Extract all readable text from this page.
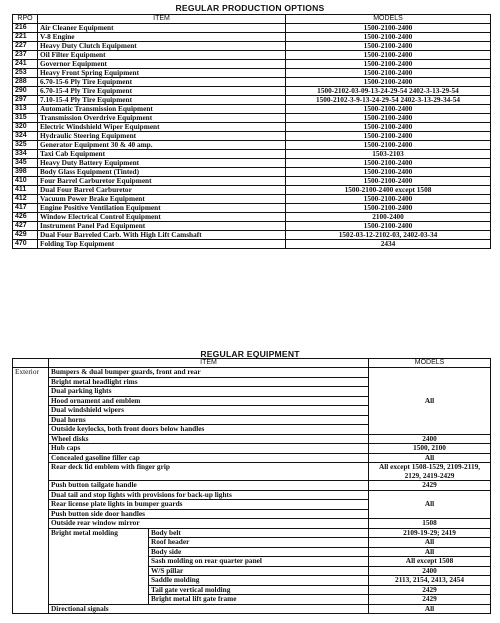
REGULAR PRODUCTION OPTIONS
RPO	ITEM	MODELS
216	Air Cleaner Equipment	1500-2100-2400
221	V-8 Engine	1500-2100-2400
227	Heavy Duty Clutch Equipment	1500-2100-2400
237	Oil Filter Equipment	1500-2100-2400
241	Governor Equipment	1500-2100-2400
253	Heavy Front Spring Equipment	1500-2100-2400
288	6.70-15-6 Ply Tire Equipment	1500-2100-2400
290	6.70-15-4 Ply Tire Equipment	1500-2102-03-09-13-24-29-54 2402-3-13-29-54
297	7.10-15-4 Ply Tire Equipment	1500-2102-3-9-13-24-29-54 2402-3-13-29-34-54
313	Automatic Transmission Equipment	1500-2100-2400
315	Transmission Overdrive Equipment	1500-2100-2400
320	Electric Windshield Wiper Equipment	1500-2100-2400
324	Hydraulic Steering Equipment	1500-2100-2400
325	Generator Equipment 30 & 40 amp.	1500-2100-2400
334	Taxi Cab Equipment	1503-2103
345	Heavy Duty Battery Equipment	1500-2100-2400
398	Body Glass Equipment (Tinted)	1500-2100-2400
410	Four Barrel Carburetor Equipment	1500-2100-2400
411	Dual Four Barrel Carburetor	1500-2100-2400 except 1508
412	Vacuum Power Brake Equipment	1500-2100-2400
417	Engine Positive Ventilation Equipment	1500-2100-2400
426	Window Electrical Control Equipment	2100-2400
427	Instrument Panel Pad Equipment	1500-2100-2400
429	Dual Four Barreled Carb. With High Lift Camshaft	1502-03-12-2102-03, 2402-03-34
470	Folding Top Equipment	2434
REGULAR EQUIPMENT
	ITEM		MODELS
Exterior	Bumpers & dual bumper guards, front and rear		All
	Bright metal headlight rims		
	Dual parking lights		
	Hood ornament and emblem		
	Dual windshield wipers		
	Dual horns		
	Outside keylocks, both front doors below handles		
	Wheel disks		2400
	Hub caps		1500, 2100
	Concealed gasoline filler cap		All
	Rear deck lid emblem with finger grip		All except 1508-1529, 2109-2119, 2129, 2419-2429
	Push button tailgate handle		2429
	Dual tail and stop lights with provisions for back-up lights		All
	Rear license plate lights in bumper guards		
	Push button side door handles		
	Outside rear window mirror		1508
	Bright metal molding	Body belt	2109-19-29; 2419
		Roof header	All
		Body side	All
		Sash molding on rear quarter panel	All except 1508
		W/S pillar	2400
		Saddle molding	2113, 2154, 2413, 2454
		Tail gate vertical molding	2429
		Bright metal lift gate frame	2429
	Directional signals		All
